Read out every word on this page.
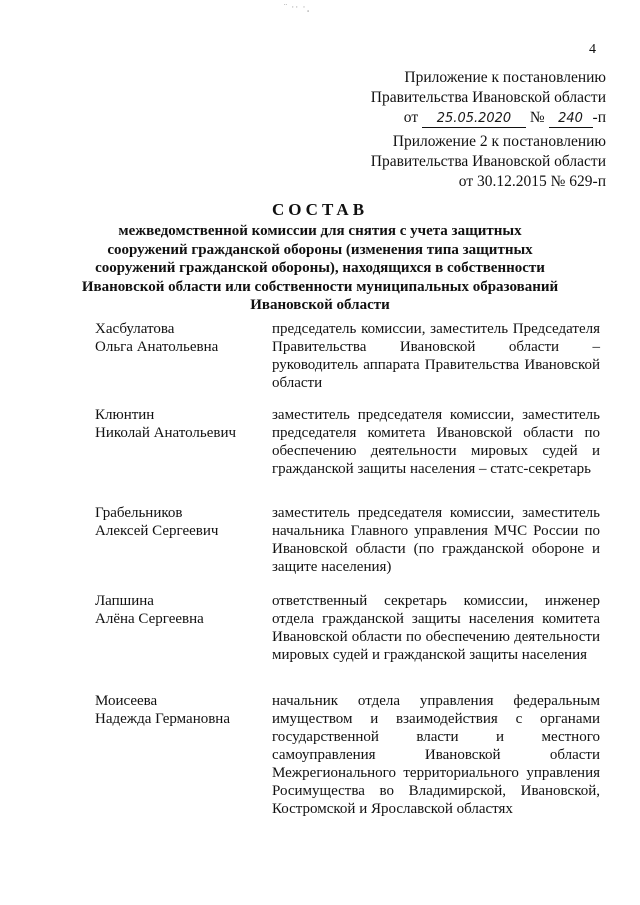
¨ ·· ·¸
4
Приложение к постановлению
Правительства Ивановской области
от 25.05.2020 № 240 -п
Приложение 2 к постановлению
Правительства Ивановской области
от 30.12.2015 № 629-п
СОСТАВ
межведомственной комиссии для снятия с учета защитных
сооружений гражданской обороны (изменения типа защитных
сооружений гражданской обороны), находящихся в собственности
Ивановской области или собственности муниципальных образований
Ивановской области
Хасбулатова
Ольга Анатольевна
председатель комиссии, заместитель Председателя Правительства Ивановской области – руководитель аппарата Правительства Ивановской области
Клюнтин
Николай Анатольевич
заместитель председателя комиссии, заместитель председателя комитета Ивановской области по обеспечению деятельности мировых судей и гражданской защиты населения – статс-секретарь
Грабельников
Алексей Сергеевич
заместитель председателя комиссии, заместитель начальника Главного управления МЧС России по Ивановской области (по гражданской обороне и защите населения)
Лапшина
Алёна Сергеевна
ответственный секретарь комиссии, инженер отдела гражданской защиты населения комитета Ивановской области по обеспечению деятельности мировых судей и гражданской защиты населения
Моисеева
Надежда Германовна
начальник отдела управления федеральным имуществом и взаимодействия с органами государственной власти и местного самоуправления Ивановской области Межрегионального территориального управления Росимущества во Владимирской, Ивановской, Костромской и Ярославской областях
